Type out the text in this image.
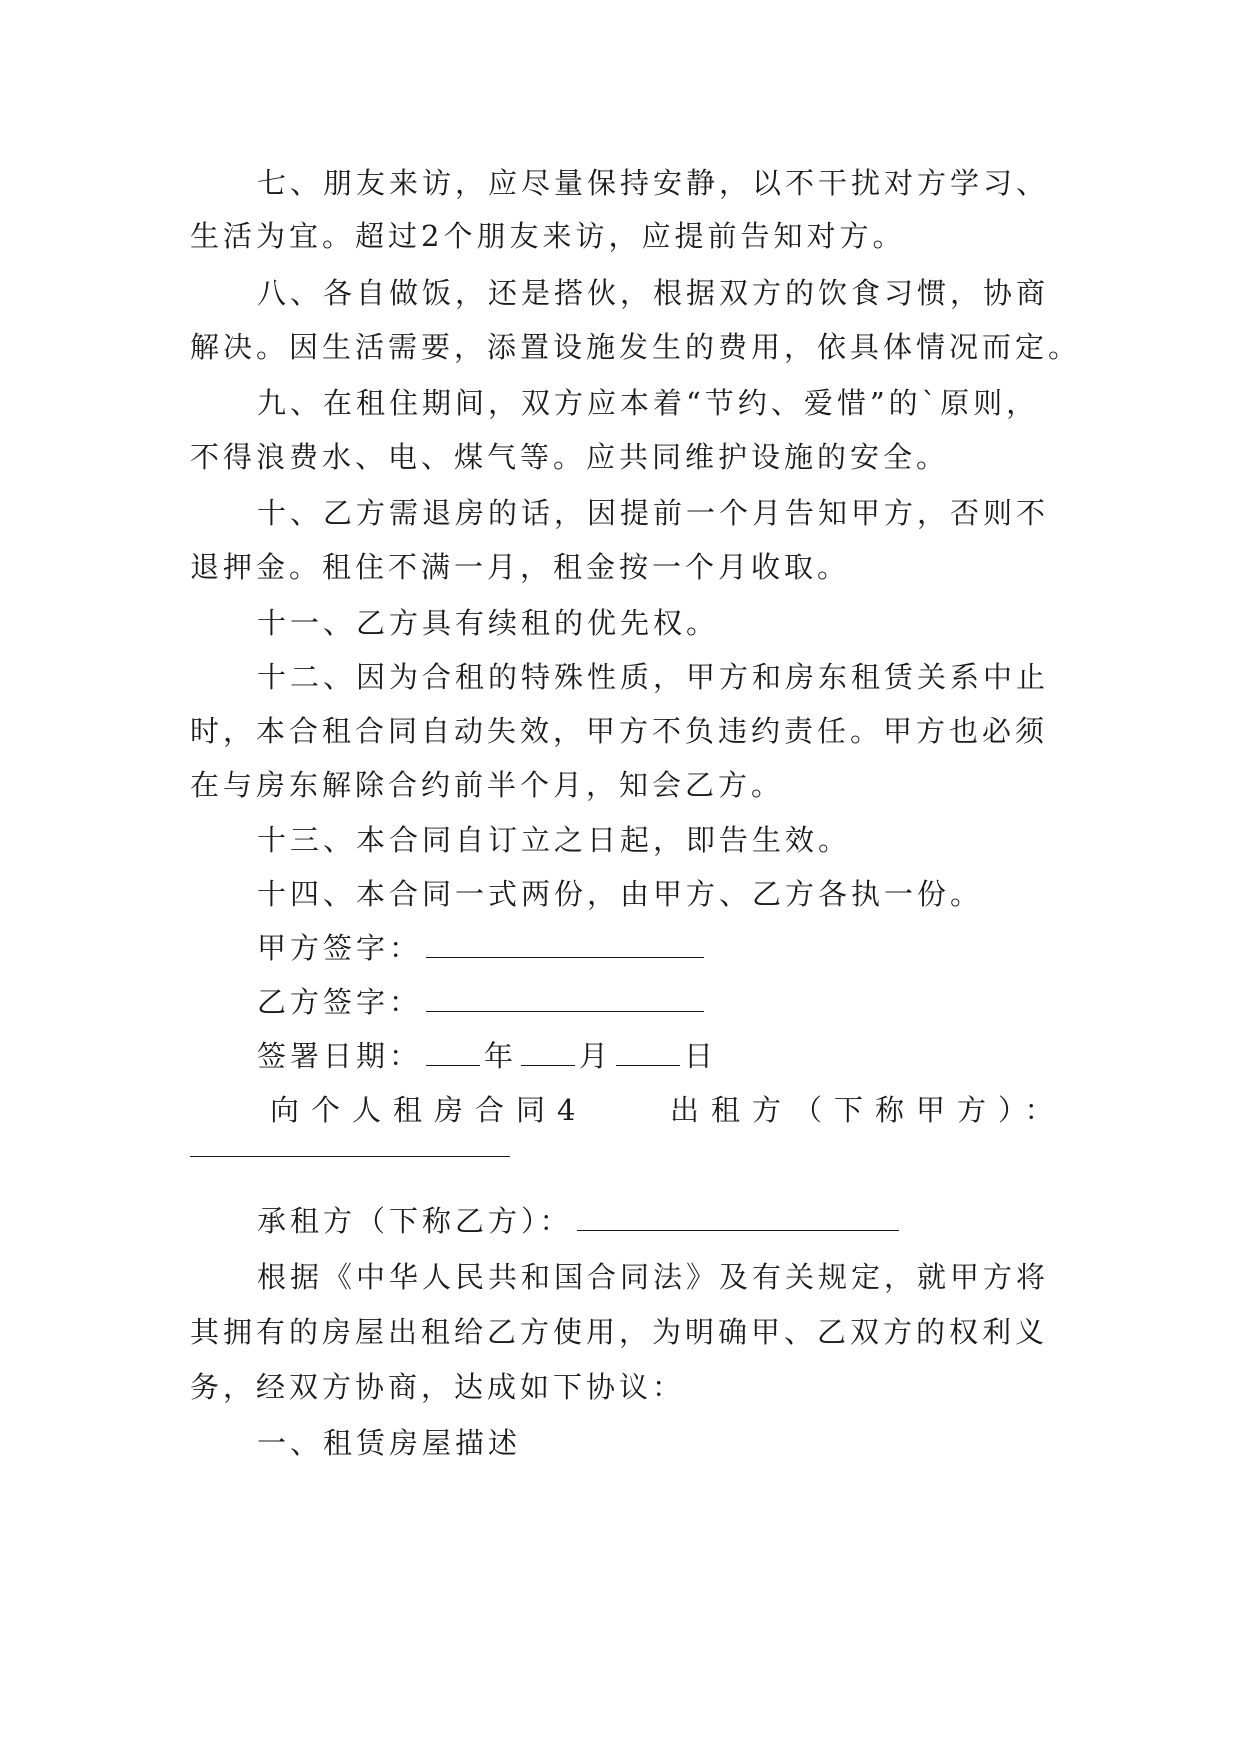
七、朋友来访，应尽量保持安静，以不干扰对方学习、
生活为宜。超过2个朋友来访，应提前告知对方。
八、各自做饭，还是搭伙，根据双方的饮食习惯，协商
解决。因生活需要，添置设施发生的费用，依具体情况而定。
九、在租住期间，双方应本着“节约、爱惜”的`原则，
不得浪费水、电、煤气等。应共同维护设施的安全。
十、乙方需退房的话，因提前一个月告知甲方，否则不
退押金。租住不满一月，租金按一个月收取。
十一、乙方具有续租的优先权。
十二、因为合租的特殊性质，甲方和房东租赁关系中止
时，本合租合同自动失效，甲方不负违约责任。甲方也必须
在与房东解除合约前半个月，知会乙方。
十三、本合同自订立之日起，即告生效。
十四、本合同一式两份，由甲方、乙方各执一份。
甲方签字：
乙方签字：
签署日期： 年 月 日
向个人租房合同4	出租方（下称甲方）：
承租方（下称乙方）：
根据《中华人民共和国合同法》及有关规定，就甲方将
其拥有的房屋出租给乙方使用，为明确甲、乙双方的权利义
务，经双方协商，达成如下协议：
一、租赁房屋描述
